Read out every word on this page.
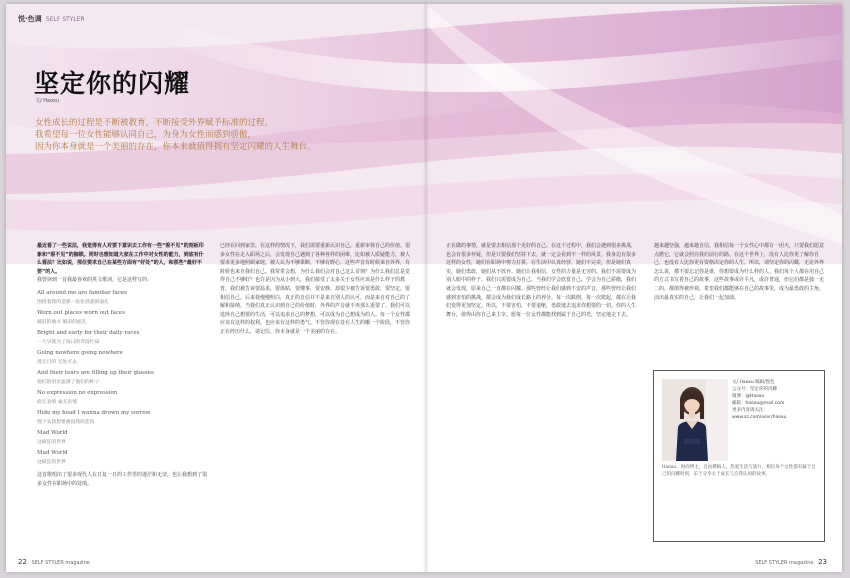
悦·色调 SELF STYLER
坚定你的闪耀
文/ Haoxu
女性成长的过程是不断被教育，不断接受外界赋予标准的过程。
我希望每一位女性能够认同自己，为身为女性而感到骄傲，
因为你本身就是一个美丽的存在，你本来就值得拥有坚定闪耀的人生舞台。

最近看了一些说法，我觉得有人对要下意识去工作有一些“看不见”的刻板印象和“看不见”的枷锁。同时也想知道大家在工作中对女性的能力，到底有什么看法？比如说，那位要求自己在某些方面有“好处”的人，和那些“最好不要”的人。

我曾读到一首我最喜欢的英文歌词，它是这样写的：

All around me are familiar faces
围绕着我的是那一张张熟悉的面孔
Worn out places worn out faces
破旧的地方 破旧的面孔
Bright and early for their daily races
一大早就为了每日的奔波忙碌
Going nowhere going nowhere
漫无目的 无处可去
And their tears are filling up their glasses
他们的泪水盈满了他们的杯子
No expression no expression
面无表情 毫无表情
Hide my head I wanna drown my sorrow
埋下头我想要淹没我的悲伤
Mad World
这疯狂的世界
Mad World
这疯狂的世界

这首歌唱出了很多现代人在日复一日的工作里的迷茫和无奈，也让我想到了很多女性在职场中的处境。

已经在回到家里。在这样的情况下，我们需要重新认识自己，重新审视自己的价值。很多女性在走入职场之后，会发现自己遇到了各种各样的困难，比如被人质疑能力，被人要求更多地照顾家庭，被人认为不够果断，不够有野心。这些声音有时候来自外界，有时候也来自我们自己。我常常会想，为什么我们会对自己这么苛刻？为什么我们总是觉得自己不够好？也许是因为从小到大，我们接受了太多关于女性应该是什么样子的教育。我们被告诉要温柔，要体贴，要懂事，要安静，却很少被告诉要勇敢，要坚定，要相信自己。后来我慢慢明白，真正的自信并不是来自别人的认可，而是来自对自己的了解和接纳。当我们真正认识到自己的价值时，外界的声音就不再那么重要了。我们可以选择自己想要的生活，可以追求自己的梦想，可以成为自己想成为的人。每一个女性都应该有这样的权利，也应该有这样的勇气。不管你现在处在人生的哪一个阶段，不管你正在经历什么，请记住，你本身就是一个美丽的存在。

正在做的事情，就是要去相信那个更好的自己。在这个过程中，我们会遇到很多挑战，也会有很多怀疑，但是只要我们坚持下去，就一定会看到不一样的风景。我身边有很多这样的女性，她们在职场中努力打拼，在生活中认真经营，她们不完美，但是她们真实，她们勇敢，她们从不放弃。她们让我相信，女性的力量是无穷的。我们不需要成为别人眼中的样子，我们只需要成为自己。当我们学会欣赏自己，学会为自己骄傲，我们就会发现，原来自己一直都在闪耀。那些曾经让我们感到不安的声音，那些曾经让我们感到害怕的挑战，都会成为我们成长路上的养分。每一次跌倒，每一次爬起，都在让我们变得更加坚定。所以，不要害怕，不要退缩，勇敢地去追求你想要的一切。你的人生舞台，值得由你自己来主宰。愿每一位女性都能找到属于自己的光，坚定地走下去。

越来越坚强，越来越自信。我相信每一个女性心中都有一团火，只要我们愿意点燃它，它就会照亮我们前行的路。在这个世界上，没有人比你更了解你自己，也没有人比你更有资格决定你的人生。所以，请坚定你的闪耀，无论外界怎么说，都不要忘记你是谁，你想要成为什么样的人。我们每个人都在用自己的方式书写着自己的故事，这些故事或许平凡，或许普通，但它们都是独一无二的，都值得被珍视。希望我们都能够在自己的故事里，成为最勇敢的主角，活出最真实的自己，让我们一起加油。

文/ Haoxu 编辑/悦色
公众号：坚定你的闪耀
微博：@Haoxu
邮箱：haoxu@mail.com
更多内容请关注：www.sz.com/user/haoxu
Haoxu，时尚博主，自由撰稿人，热爱生活与旅行，相信每个女性都有属于自己的闪耀时刻，乐于分享关于成长与自我认同的故事。
22 SELF STYLER magazine	SELF STYLER magazine 23
